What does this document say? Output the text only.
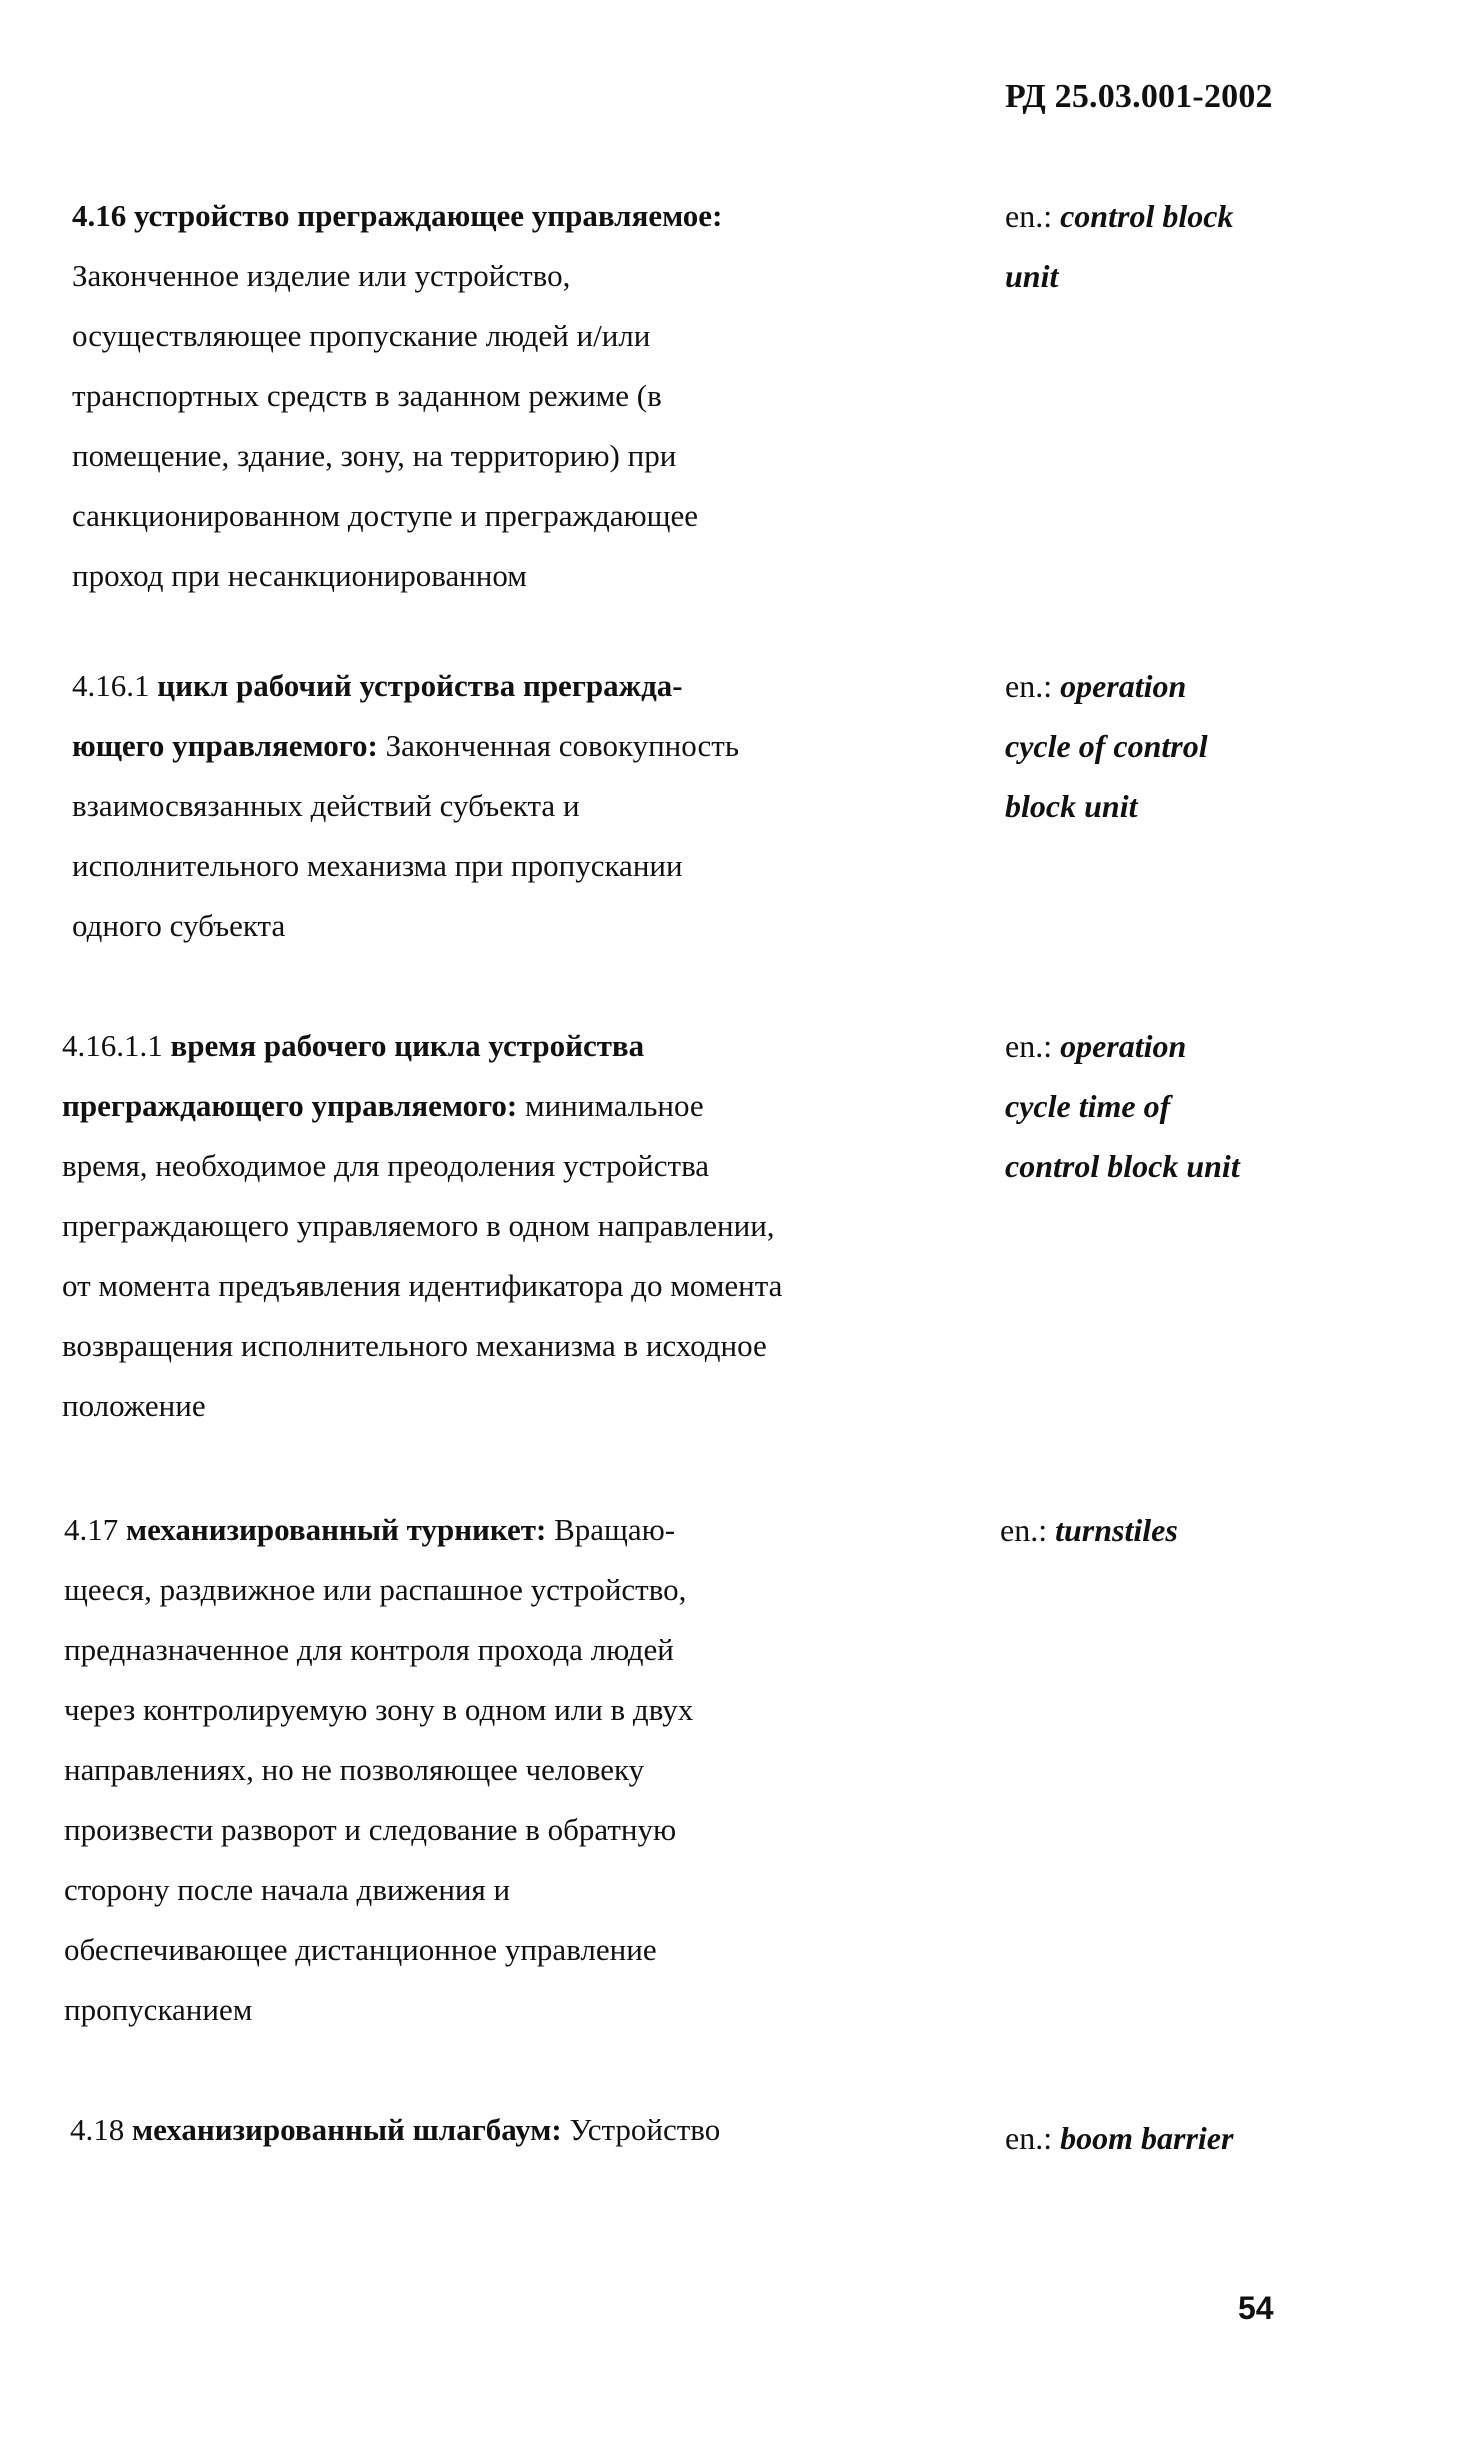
РД 25.03.001-2002
4.16 устройство преграждающее управляемое:
Законченное изделие или устройство,
осуществляющее пропускание людей и/или
транспортных средств в заданном режиме (в
помещение, здание, зону, на территорию) при
санкционированном доступе и преграждающее
проход при несанкционированном
en.: control block
unit
4.16.1 цикл рабочий устройства прегражда-
ющего управляемого: Законченная совокупность
взаимосвязанных действий субъекта и
исполнительного механизма при пропускании
одного субъекта
en.: operation
cycle of control
block unit
4.16.1.1 время рабочего цикла устройства
преграждающего управляемого: минимальное
время, необходимое для преодоления устройства
преграждающего управляемого в одном направлении,
от момента предъявления идентификатора до момента
возвращения исполнительного механизма в исходное
положение
en.: operation
cycle time of
control block unit
4.17 механизированный турникет: Вращаю-
щееся, раздвижное или распашное устройство,
предназначенное для контроля прохода людей
через контролируемую зону в одном или в двух
направлениях, но не позволяющее человеку
произвести разворот и следование в обратную
сторону после начала движения и
обеспечивающее дистанционное управление
пропусканием
en.: turnstiles
4.18 механизированный шлагбаум: Устройство	en.: boom barrier
54
